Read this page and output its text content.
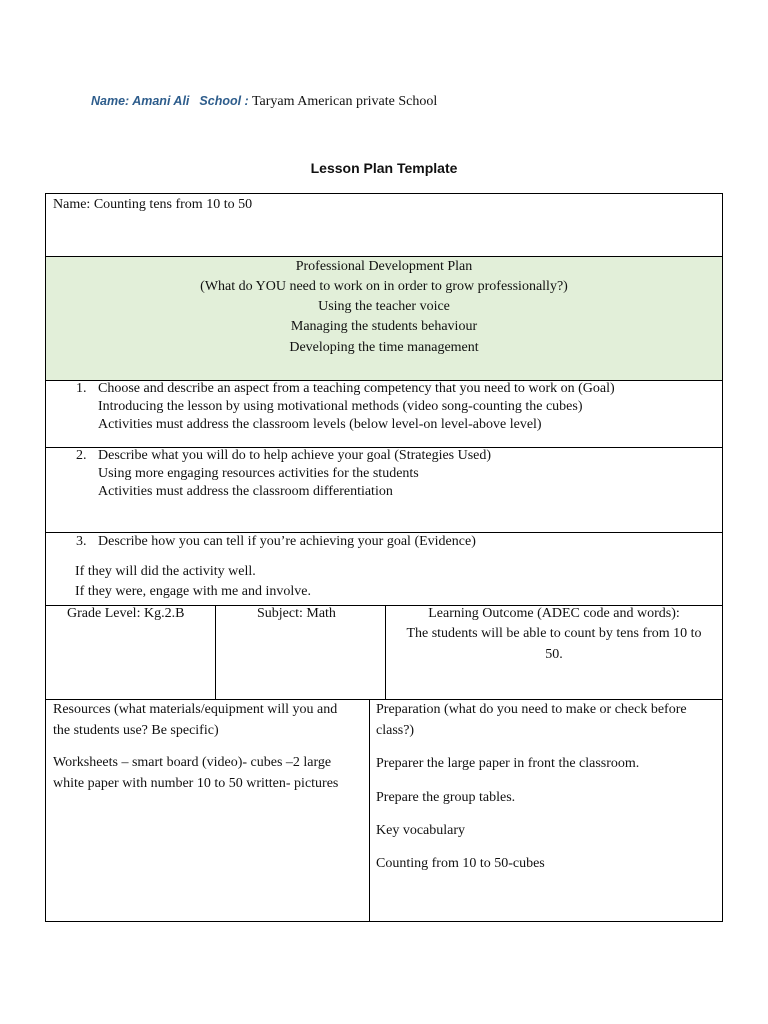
Name: Amani Ali School : Taryam American private School
Lesson Plan Template
Name: Counting tens from 10 to 50
Professional Development Plan
(What do YOU need to work on in order to grow professionally?)
Using the teacher voice
Managing the students behaviour
Developing the time management
1. Choose and describe an aspect from a teaching competency that you need to work on (Goal)
Introducing the lesson by using motivational methods (video song-counting the cubes)
Activities must address the classroom levels (below level-on level-above level)
2. Describe what you will do to help achieve your goal (Strategies Used)
Using more engaging resources activities for the students
Activities must address the classroom differentiation
3. Describe how you can tell if you’re achieving your goal (Evidence)
If they will did the activity well.
If they were, engage with me and involve.
Grade Level: Kg.2.B	Subject: Math	Learning Outcome (ADEC code and words):
The students will be able to count by tens from 10 to
50.
Resources (what materials/equipment will you and
the students use? Be specific)
Worksheets – smart board (video)- cubes –2 large
white paper with number 10 to 50 written- pictures
Preparation (what do you need to make or check before
class?)
Preparer the large paper in front the classroom.
Prepare the group tables.
Key vocabulary
Counting from 10 to 50-cubes
